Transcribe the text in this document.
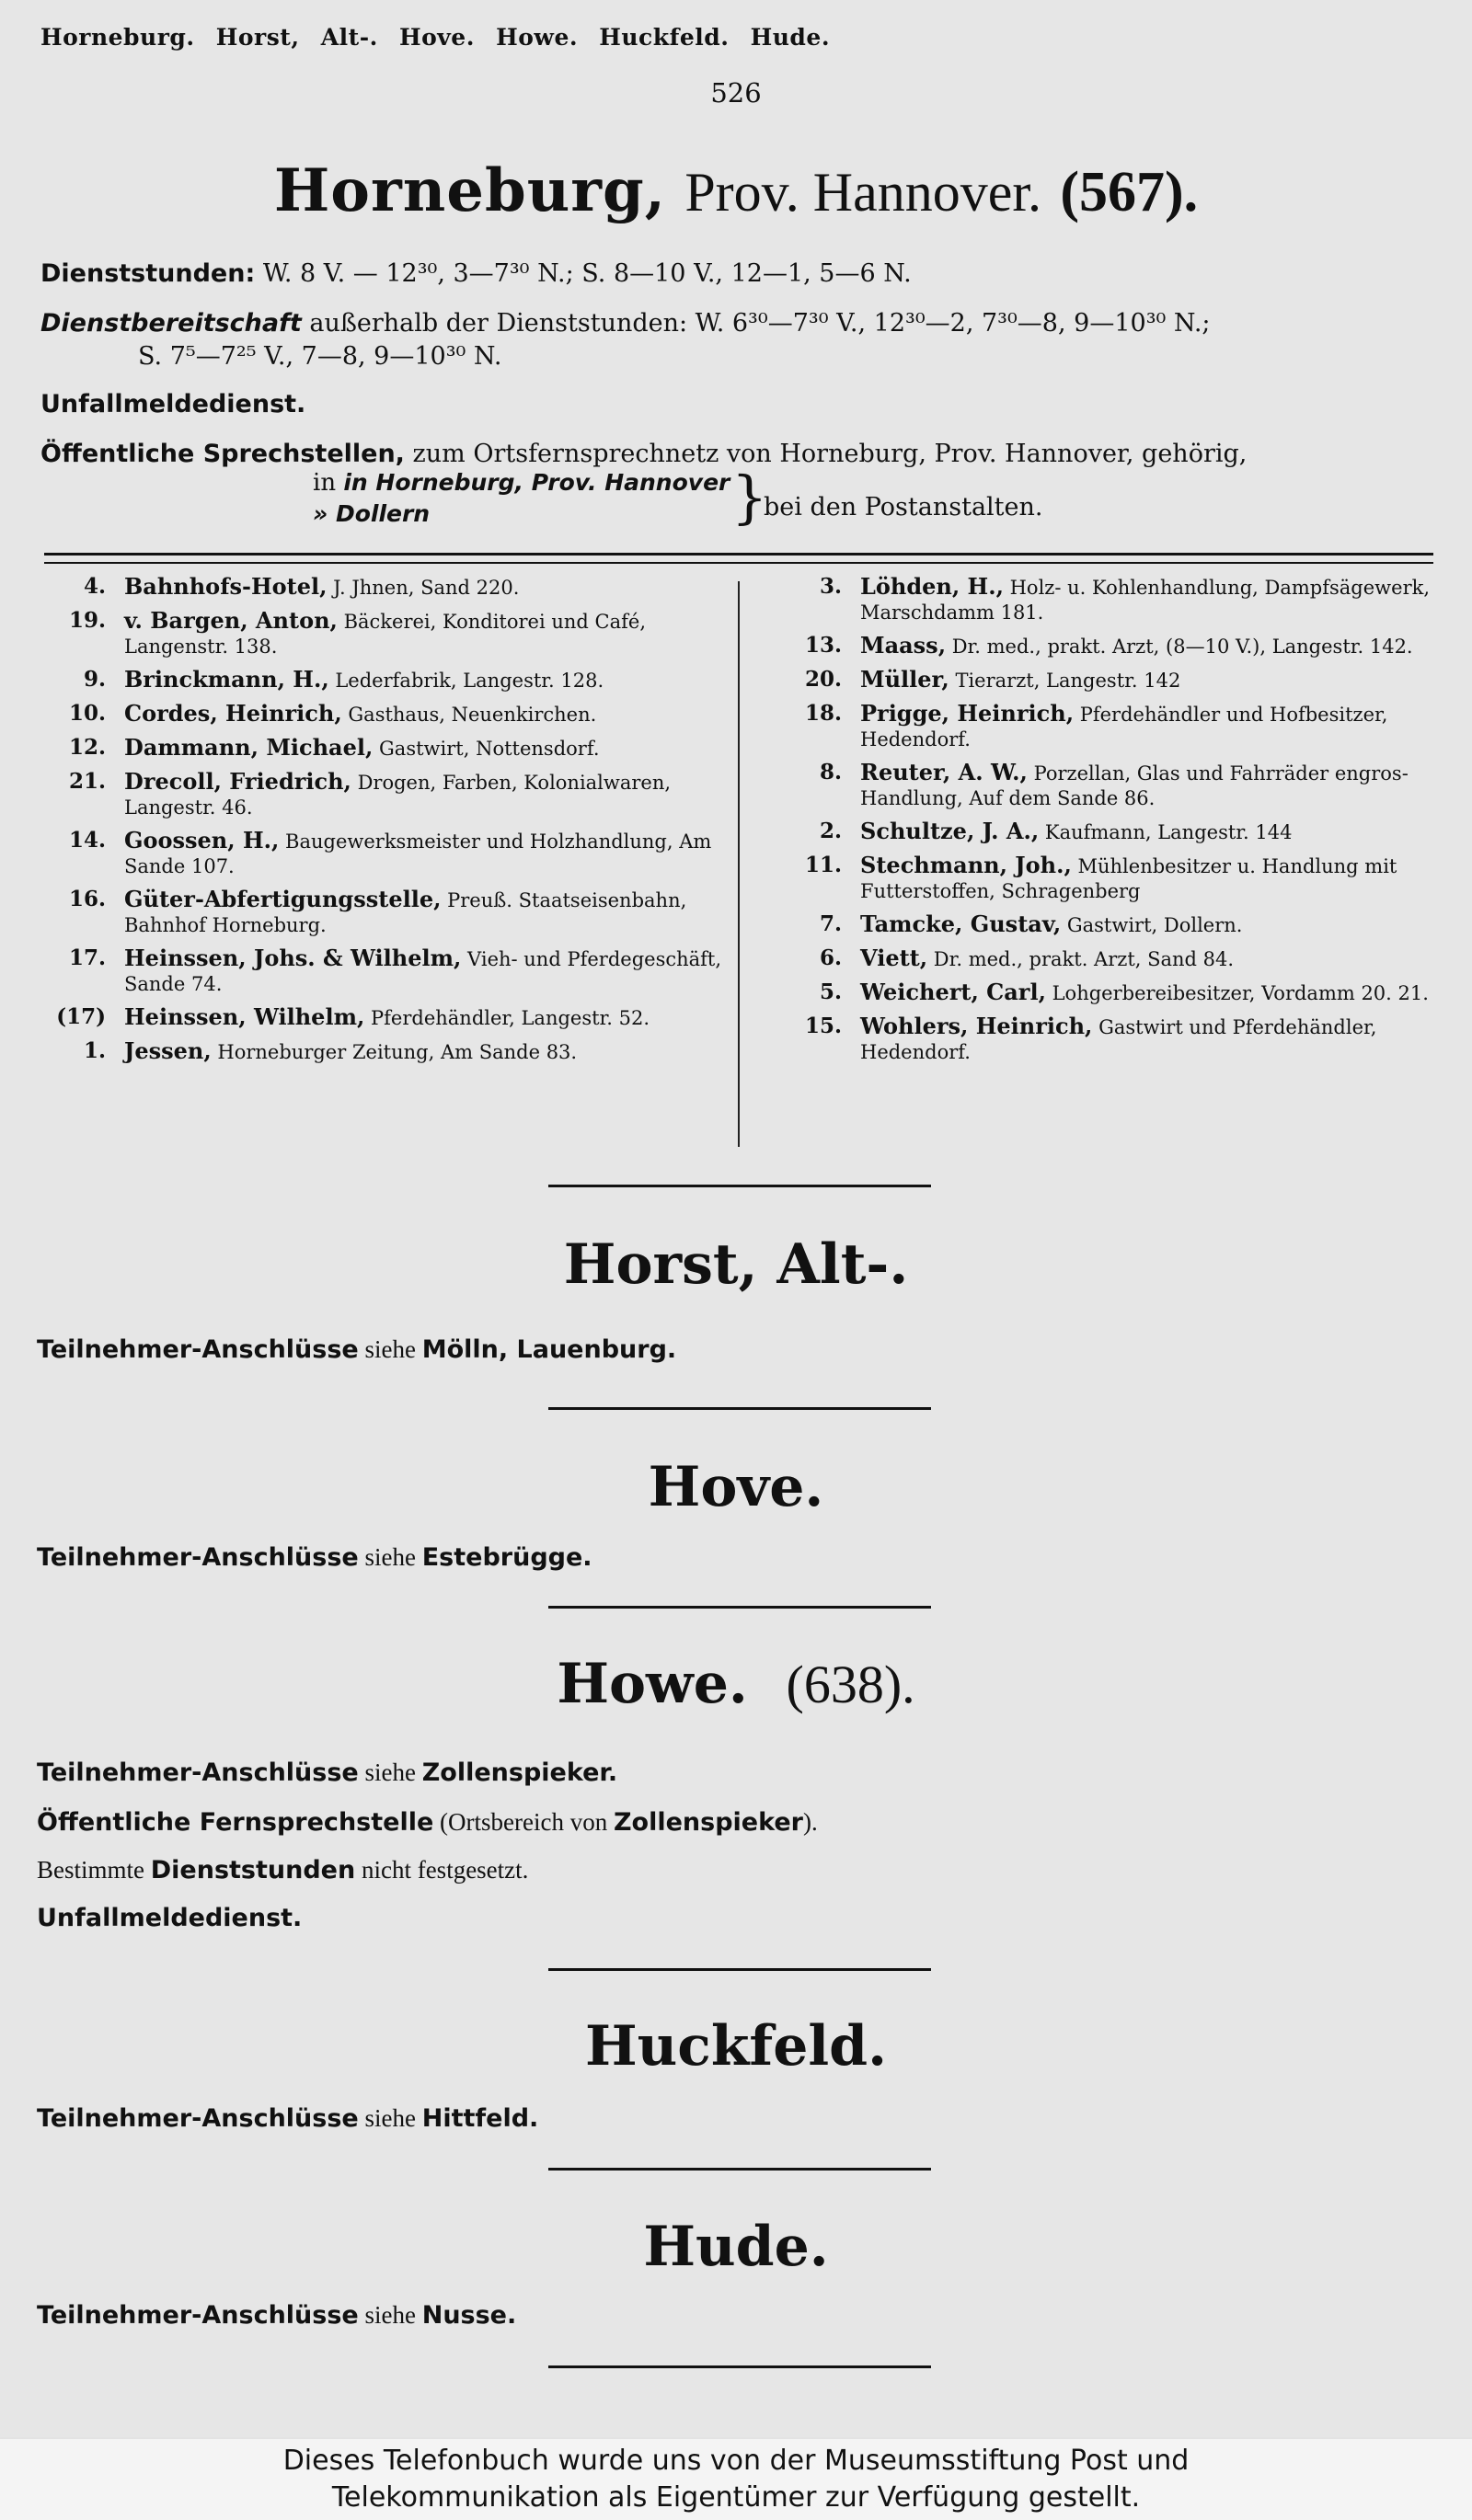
Horneburg. Horst, Alt-. Hove. Howe. Huckfeld. Hude.
526
Horneburg, Prov. Hannover. (567).
Dienststunden: W. 8 V. — 12³⁰, 3—7³⁰ N.; S. 8—10 V., 12—1, 5—6 N.
Dienstbereitschaft außerhalb der Dienststunden: W. 6³⁰—7³⁰ V., 12³⁰—2, 7³⁰—8, 9—10³⁰ N.;
S. 7⁵—7²⁵ V., 7—8, 9—10³⁰ N.
Unfallmeldedienst.
Öffentliche Sprechstellen, zum Ortsfernsprechnetz von Horneburg, Prov. Hannover, gehörig,
in in Horneburg, Prov. Hannover
» Dollern	}
bei den Postanstalten.
4. Bahnhofs-Hotel, J. Jhnen, Sand 220.
19. v. Bargen, Anton, Bäckerei, Konditorei und Café, Langenstr. 138.
9. Brinckmann, H., Lederfabrik, Langestr. 128.
10. Cordes, Heinrich, Gasthaus, Neuenkirchen.
12. Dammann, Michael, Gastwirt, Nottensdorf.
21. Drecoll, Friedrich, Drogen, Farben, Kolonialwaren, Langestr. 46.
14. Goossen, H., Baugewerksmeister und Holzhandlung, Am Sande 107.
16. Güter-Abfertigungsstelle, Preuß. Staatseisenbahn, Bahnhof Horneburg.
17. Heinssen, Johs. & Wilhelm, Vieh- und Pferdegeschäft, Sande 74.
(17) Heinssen, Wilhelm, Pferdehändler, Langestr. 52.
1. Jessen, Horneburger Zeitung, Am Sande 83.
3. Löhden, H., Holz- u. Kohlenhandlung, Dampfsägewerk, Marschdamm 181.
13. Maass, Dr. med., prakt. Arzt, (8—10 V.), Langestr. 142.
20. Müller, Tierarzt, Langestr. 142
18. Prigge, Heinrich, Pferdehändler und Hofbesitzer, Hedendorf.
8. Reuter, A. W., Porzellan, Glas und Fahrräder engros-Handlung, Auf dem Sande 86.
2. Schultze, J. A., Kaufmann, Langestr. 144
11. Stechmann, Joh., Mühlenbesitzer u. Handlung mit Futterstoffen, Schragenberg
7. Tamcke, Gustav, Gastwirt, Dollern.
6. Viett, Dr. med., prakt. Arzt, Sand 84.
5. Weichert, Carl, Lohgerbereibesitzer, Vordamm 20. 21.
15. Wohlers, Heinrich, Gastwirt und Pferdehändler, Hedendorf.
Horst, Alt-.
Teilnehmer-Anschlüsse siehe Mölln, Lauenburg.
Hove.
Teilnehmer-Anschlüsse siehe Estebrügge.
Howe. (638).
Teilnehmer-Anschlüsse siehe Zollenspieker.
Öffentliche Fernsprechstelle (Ortsbereich von Zollenspieker).
Bestimmte Dienststunden nicht festgesetzt.
Unfallmeldedienst.
Huckfeld.
Teilnehmer-Anschlüsse siehe Hittfeld.
Hude.
Teilnehmer-Anschlüsse siehe Nusse.
Dieses Telefonbuch wurde uns von der Museumsstiftung Post und
Telekommunikation als Eigentümer zur Verfügung gestellt.
